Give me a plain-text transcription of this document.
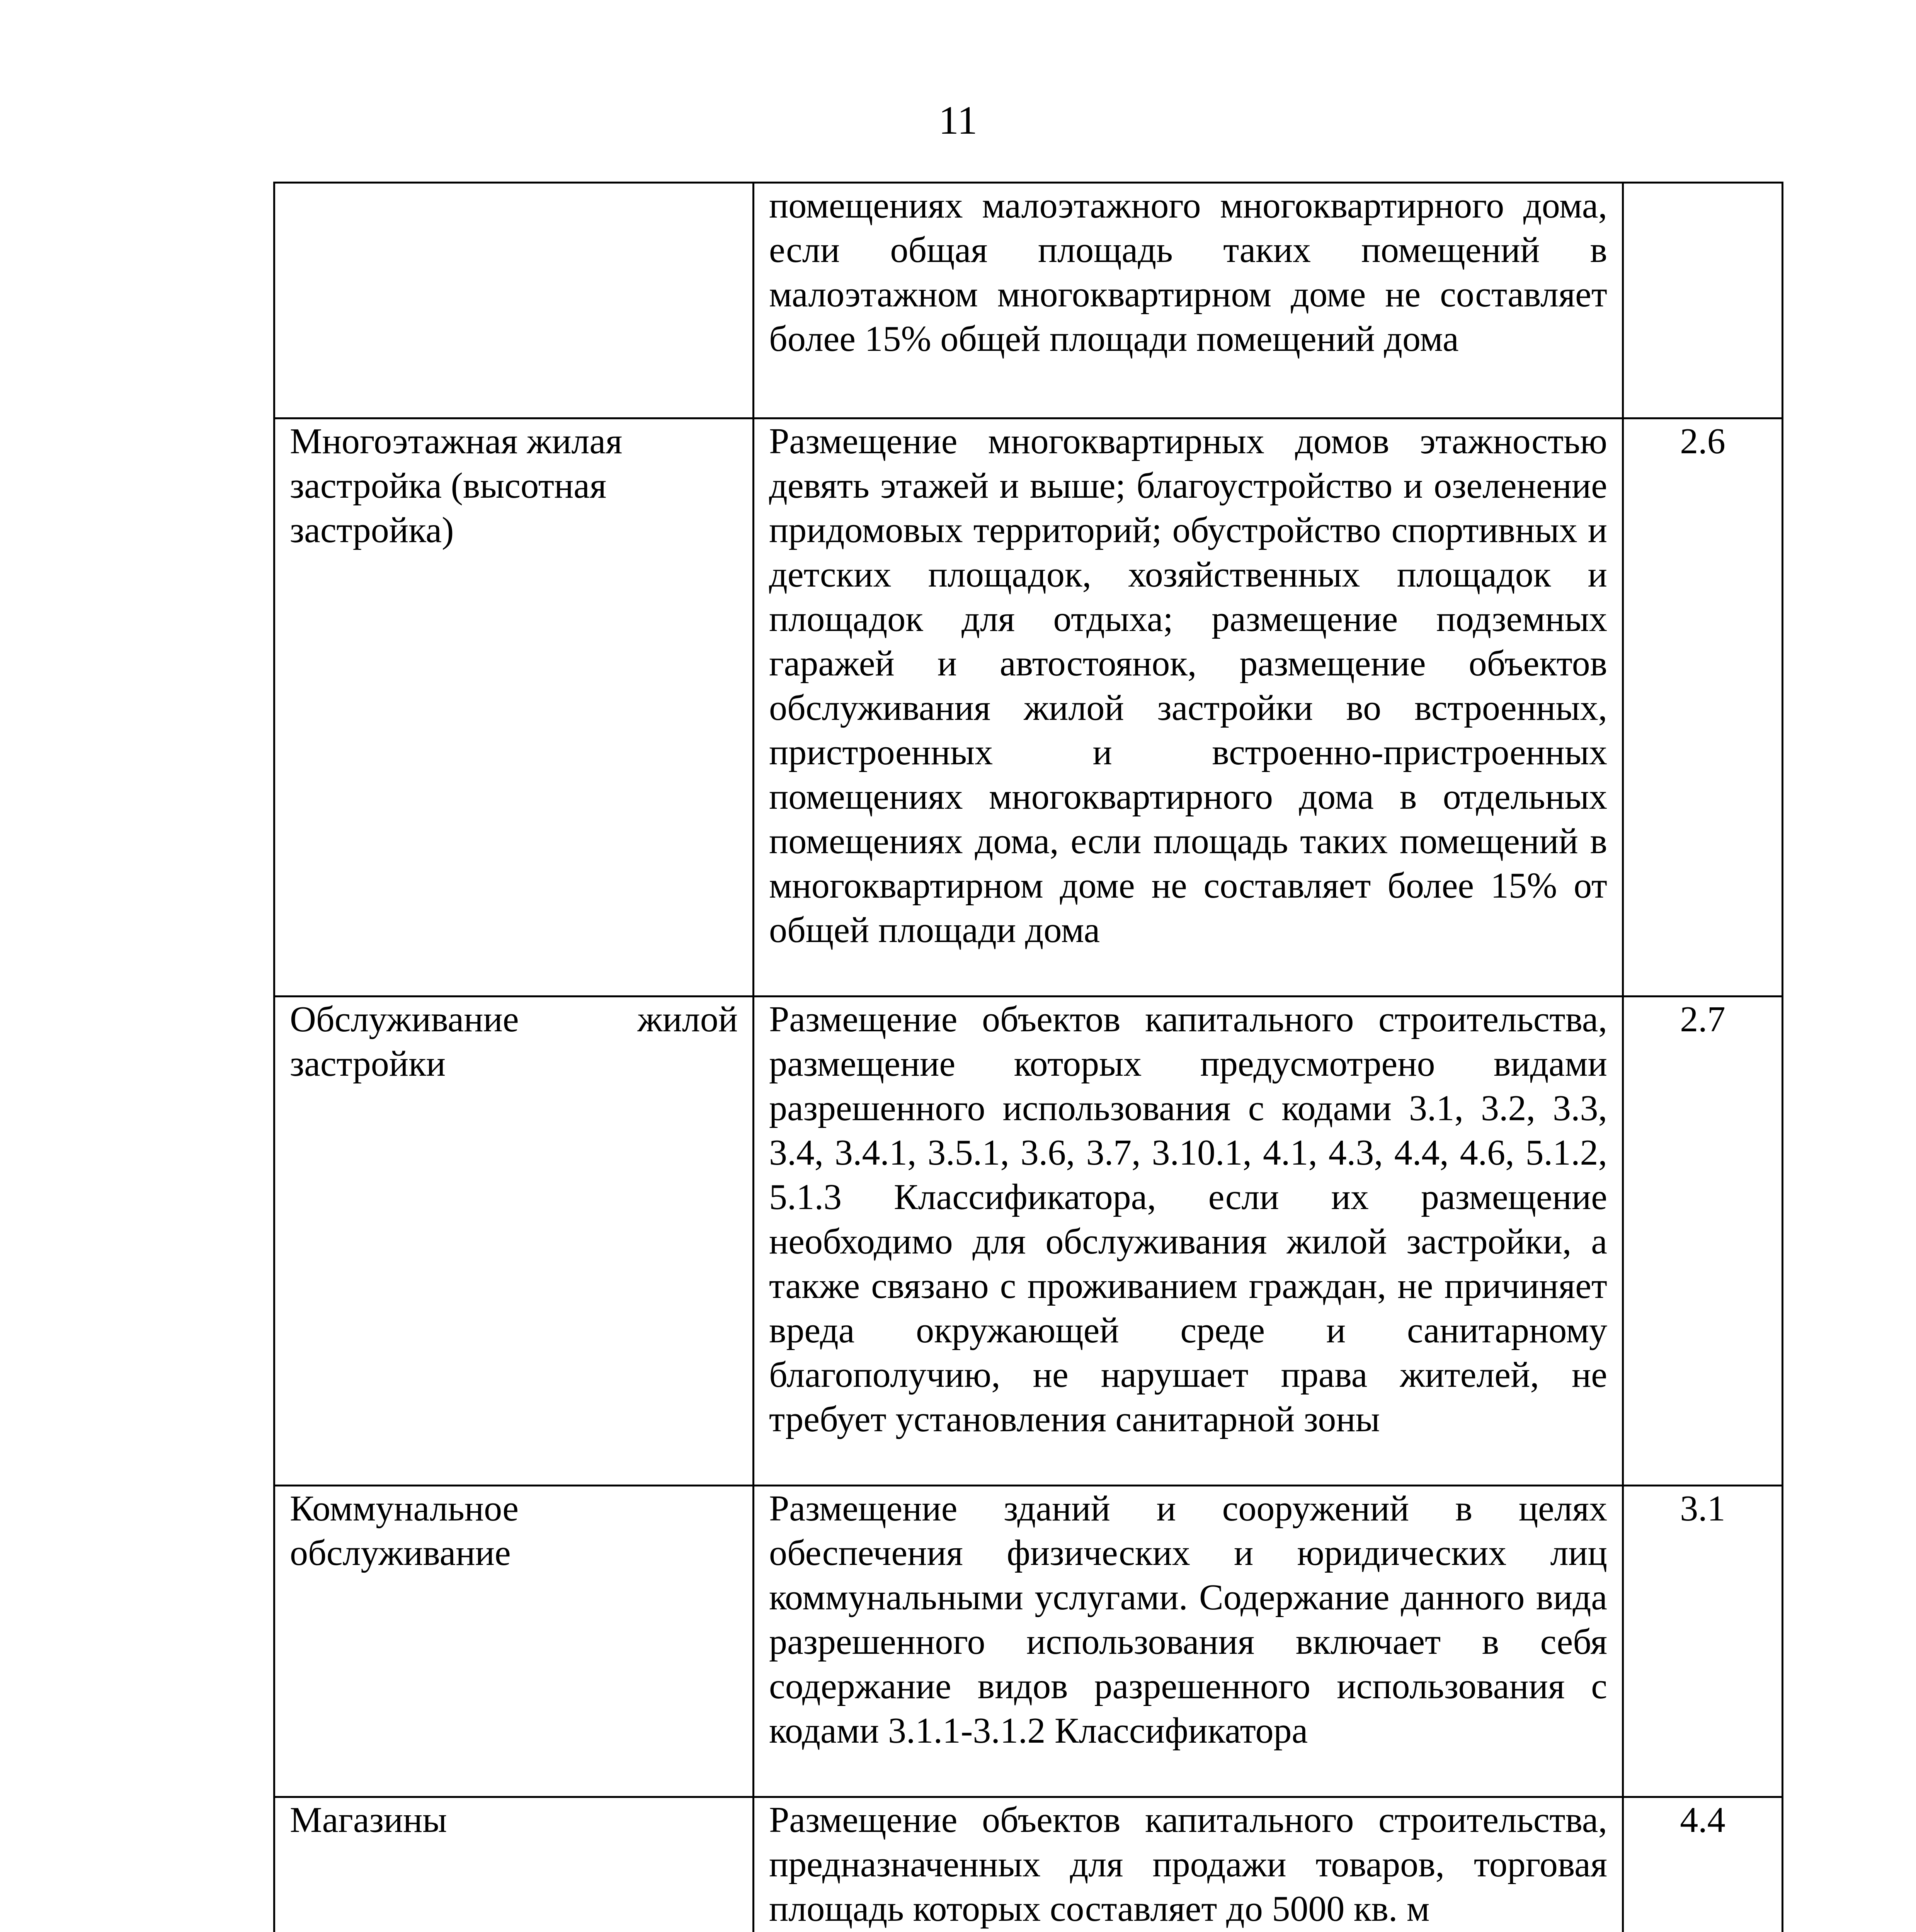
11
	помещениях малоэтажного многоквартирного дома, если общая площадь таких помещений в малоэтажном многоквартирном доме не составляет более 15% общей площади помещений дома	
Многоэтажная жилая застройка (высотная застройка)	Размещение многоквартирных домов этажностью девять этажей и выше; благоустройство и озеленение придомовых территорий; обустройство спортивных и детских площадок, хозяйственных площадок и площадок для отдыха; размещение подземных гаражей и автостоянок, размещение объектов обслуживания жилой застройки во встроенных, пристроенных и встроенно-пристроенных помещениях многоквартирного дома в отдельных помещениях дома, если площадь таких помещений в многоквартирном доме не составляет более 15% от общей площади дома	2.6
Обслуживание жилой застройки	Размещение объектов капитального строительства, размещение которых предусмотрено видами разрешенного использования с кодами 3.1, 3.2, 3.3, 3.4, 3.4.1, 3.5.1, 3.6, 3.7, 3.10.1, 4.1, 4.3, 4.4, 4.6, 5.1.2, 5.1.3 Классификатора, если их размещение необходимо для обслуживания жилой застройки, а также связано с проживанием граждан, не причиняет вреда окружающей среде и санитарному благополучию, не нарушает права жителей, не требует установления санитарной зоны	2.7
Коммунальное обслуживание	Размещение зданий и сооружений в целях обеспечения физических и юридических лиц коммунальными услугами. Содержание данного вида разрешенного использования включает в себя содержание видов разрешенного использования с кодами 3.1.1-3.1.2 Классификатора	3.1
Магазины	Размещение объектов капитального строительства, предназначенных для продажи товаров, торговая площадь которых составляет до 5000 кв. м	4.4
